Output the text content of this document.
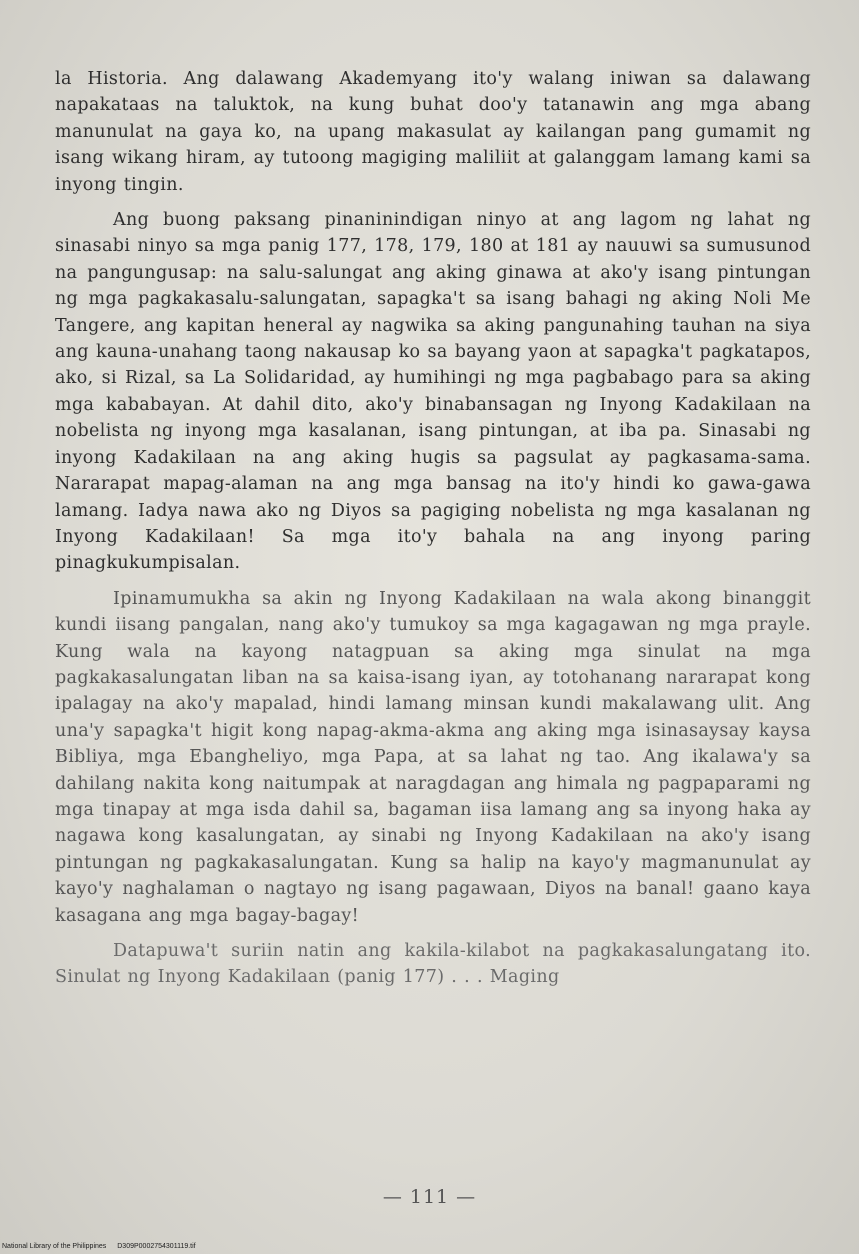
la Historia. Ang dalawang Akademyang ito'y walang iniwan sa dalawang napakataas na taluktok, na kung buhat doo'y tatanawin ang mga abang manunulat na gaya ko, na upang makasulat ay kailangan pang gumamit ng isang wikang hiram, ay tutoong magiging maliliit at galanggam lamang kami sa inyong tingin.

Ang buong paksang pinaninindigan ninyo at ang lagom ng lahat ng sinasabi ninyo sa mga panig 177, 178, 179, 180 at 181 ay nauuwi sa sumusunod na pangungusap: na salu-salungat ang aking ginawa at ako'y isang pintungan ng mga pagkakasalu-salungatan, sapagka't sa isang bahagi ng aking Noli Me Tangere, ang kapitan heneral ay nagwika sa aking pangunahing tauhan na siya ang kauna-unahang taong nakausap ko sa bayang yaon at sapagka't pagkatapos, ako, si Rizal, sa La Solidaridad, ay humihingi ng mga pagbabago para sa aking mga kababayan. At dahil dito, ako'y binabansagan ng Inyong Kadakilaan na nobelista ng inyong mga kasalanan, isang pintungan, at iba pa. Sinasabi ng inyong Kadakilaan na ang aking hugis sa pagsulat ay pagkasama-sama. Nararapat mapag-alaman na ang mga bansag na ito'y hindi ko gawa-gawa lamang. Iadya nawa ako ng Diyos sa pagiging nobelista ng mga kasalanan ng Inyong Kadakilaan! Sa mga ito'y bahala na ang inyong paring pinagkukumpisalan.

Ipinamumukha sa akin ng Inyong Kadakilaan na wala akong binanggit kundi iisang pangalan, nang ako'y tumukoy sa mga kagagawan ng mga prayle. Kung wala na kayong natagpuan sa aking mga sinulat na mga pagkakasalungatan liban na sa kaisa-isang iyan, ay totohanang nararapat kong ipalagay na ako'y mapalad, hindi lamang minsan kundi makalawang ulit. Ang una'y sapagka't higit kong napag-akma-akma ang aking mga isinasaysay kaysa Bibliya, mga Ebangheliyo, mga Papa, at sa lahat ng tao. Ang ikalawa'y sa dahilang nakita kong naitumpak at naragdagan ang himala ng pagpaparami ng mga tinapay at mga isda dahil sa, bagaman iisa lamang ang sa inyong haka ay nagawa kong kasalungatan, ay sinabi ng Inyong Kadakilaan na ako'y isang pintungan ng pagkakasalungatan. Kung sa halip na kayo'y magmanunulat ay kayo'y naghalaman o nagtayo ng isang pagawaan, Diyos na banal! gaano kaya kasagana ang mga bagay-bagay!

Datapuwa't suriin natin ang kakila-kilabot na pagkakasalungatang ito. Sinulat ng Inyong Kadakilaan (panig 177) . . . Maging

— 111 —
National Library of the Philippines D309P0002754301119.tif
